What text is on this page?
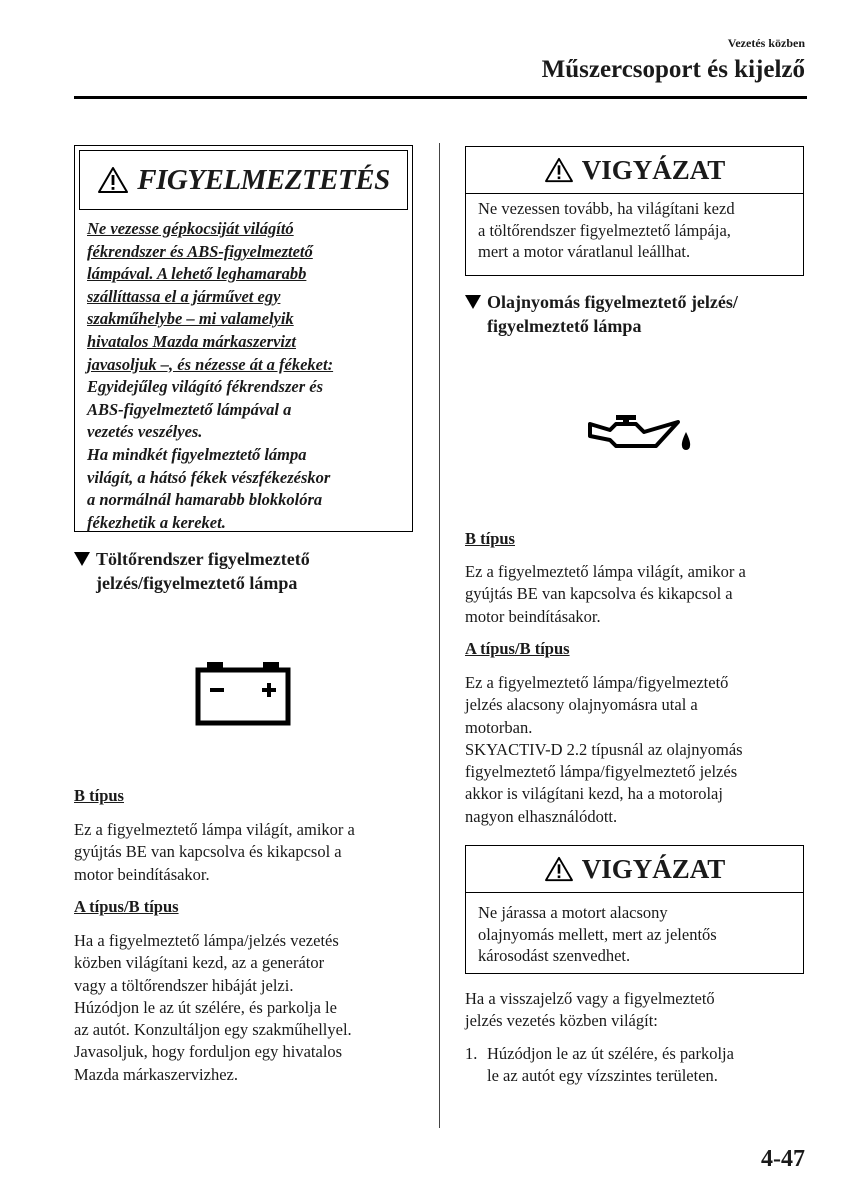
Vezetés közben
Műszercsoport és kijelző
FIGYELMEZTETÉS
Ne vezesse gépkocsiját világító
fékrendszer és ABS-figyelmeztető
lámpával. A lehető leghamarabb
szállíttassa el a járművet egy
szakműhelybe – mi valamelyik
hivatalos Mazda márkaszervizt
javasoljuk –, és nézesse át a fékeket:
Egyidejűleg világító fékrendszer és
ABS-figyelmeztető lámpával a
vezetés veszélyes.
Ha mindkét figyelmeztető lámpa
világít, a hátsó fékek vészfékezéskor
a normálnál hamarabb blokkolóra
fékezhetik a kereket.
Töltőrendszer figyelmeztető
jelzés/figyelmeztető lámpa
B típus
Ez a figyelmeztető lámpa világít, amikor a
gyújtás BE van kapcsolva és kikapcsol a
motor beindításakor.
A típus/B típus
Ha a figyelmeztető lámpa/jelzés vezetés
közben világítani kezd, az a generátor
vagy a töltőrendszer hibáját jelzi.
Húzódjon le az út szélére, és parkolja le
az autót. Konzultáljon egy szakműhellyel.
Javasoljuk, hogy forduljon egy hivatalos
Mazda márkaszervizhez.
VIGYÁZAT
Ne vezessen tovább, ha világítani kezd
a töltőrendszer figyelmeztető lámpája,
mert a motor váratlanul leállhat.
Olajnyomás figyelmeztető jelzés/
figyelmeztető lámpa
B típus
Ez a figyelmeztető lámpa világít, amikor a
gyújtás BE van kapcsolva és kikapcsol a
motor beindításakor.
A típus/B típus
Ez a figyelmeztető lámpa/figyelmeztető
jelzés alacsony olajnyomásra utal a
motorban.
SKYACTIV-D 2.2 típusnál az olajnyomás
figyelmeztető lámpa/figyelmeztető jelzés
akkor is világítani kezd, ha a motorolaj
nagyon elhasználódott.
VIGYÁZAT
Ne járassa a motort alacsony
olajnyomás mellett, mert az jelentős
károsodást szenvedhet.
Ha a visszajelző vagy a figyelmeztető
jelzés vezetés közben világít:
1. Húzódjon le az út szélére, és parkolja
le az autót egy vízszintes területen.
4-47
